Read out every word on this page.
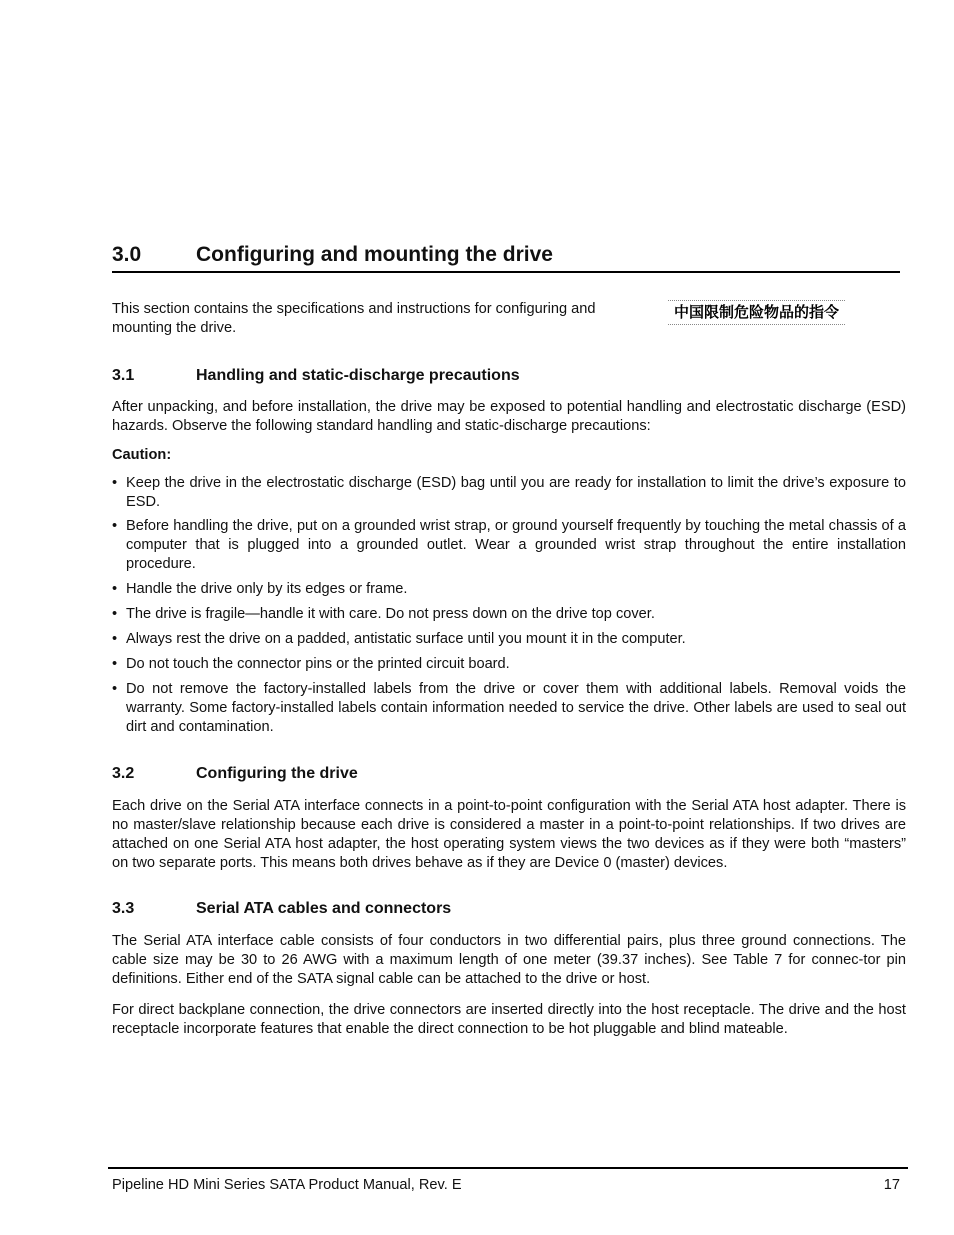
3.0	Configuring and mounting the drive
This section contains the specifications and instructions for configuring and	中国限制危险物品的指令
mounting the drive.
3.1	Handling and static-discharge precautions
After unpacking, and before installation, the drive may be exposed to potential handling and electrostatic discharge (ESD) hazards. Observe the following standard handling and static-discharge precautions:
Caution:
• Keep the drive in the electrostatic discharge (ESD) bag until you are ready for installation to limit the drive’s exposure to ESD.
• Before handling the drive, put on a grounded wrist strap, or ground yourself frequently by touching the metal chassis of a computer that is plugged into a grounded outlet. Wear a grounded wrist strap throughout the entire installation procedure.
• Handle the drive only by its edges or frame.
• The drive is fragile—handle it with care. Do not press down on the drive top cover.
• Always rest the drive on a padded, antistatic surface until you mount it in the computer.
• Do not touch the connector pins or the printed circuit board.
• Do not remove the factory-installed labels from the drive or cover them with additional labels. Removal voids the warranty. Some factory-installed labels contain information needed to service the drive. Other labels are used to seal out dirt and contamination.
3.2	Configuring the drive
Each drive on the Serial ATA interface connects in a point-to-point configuration with the Serial ATA host adapter. There is no master/slave relationship because each drive is considered a master in a point-to-point relationships. If two drives are attached on one Serial ATA host adapter, the host operating system views the two devices as if they were both “masters” on two separate ports. This means both drives behave as if they are Device 0 (master) devices.
3.3	Serial ATA cables and connectors
The Serial ATA interface cable consists of four conductors in two differential pairs, plus three ground connections. The cable size may be 30 to 26 AWG with a maximum length of one meter (39.37 inches). See Table 7 for connec-tor pin definitions. Either end of the SATA signal cable can be attached to the drive or host.
For direct backplane connection, the drive connectors are inserted directly into the host receptacle. The drive and the host receptacle incorporate features that enable the direct connection to be hot pluggable and blind mateable.
Pipeline HD Mini Series SATA Product Manual, Rev. E	17
